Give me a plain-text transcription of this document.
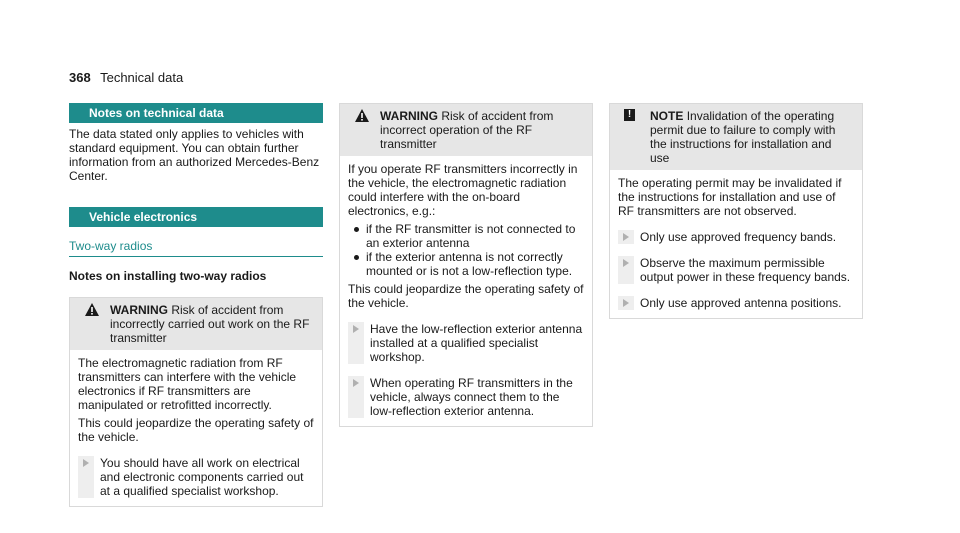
368 Technical data
Notes on technical data
The data stated only applies to vehicles with standard equipment. You can obtain further information from an authorized Mercedes-Benz Center.
Vehicle electronics
Two-way radios
Notes on installing two-way radios
WARNING Risk of accident from incorrectly carried out work on the RF transmitter

The electromagnetic radiation from RF transmitters can interfere with the vehicle electronics if RF transmitters are manipulated or retrofitted incorrectly.

This could jeopardize the operating safety of the vehicle.

You should have all work on electrical and electronic components carried out at a qualified specialist workshop.
WARNING Risk of accident from incorrect operation of the RF transmitter

If you operate RF transmitters incorrectly in the vehicle, the electromagnetic radiation could interfere with the on-board electronics, e.g.:

if the RF transmitter is not connected to an exterior antenna
if the exterior antenna is not correctly mounted or is not a low-reflection type.

This could jeopardize the operating safety of the vehicle.

Have the low-reflection exterior antenna installed at a qualified specialist workshop.
When operating RF transmitters in the vehicle, always connect them to the low-reflection exterior antenna.
!	NOTE Invalidation of the operating permit due to failure to comply with the instructions for installation and use

The operating permit may be invalidated if the instructions for installation and use of RF transmitters are not observed.

Only use approved frequency bands.
Observe the maximum permissible output power in these frequency bands.
Only use approved antenna positions.
